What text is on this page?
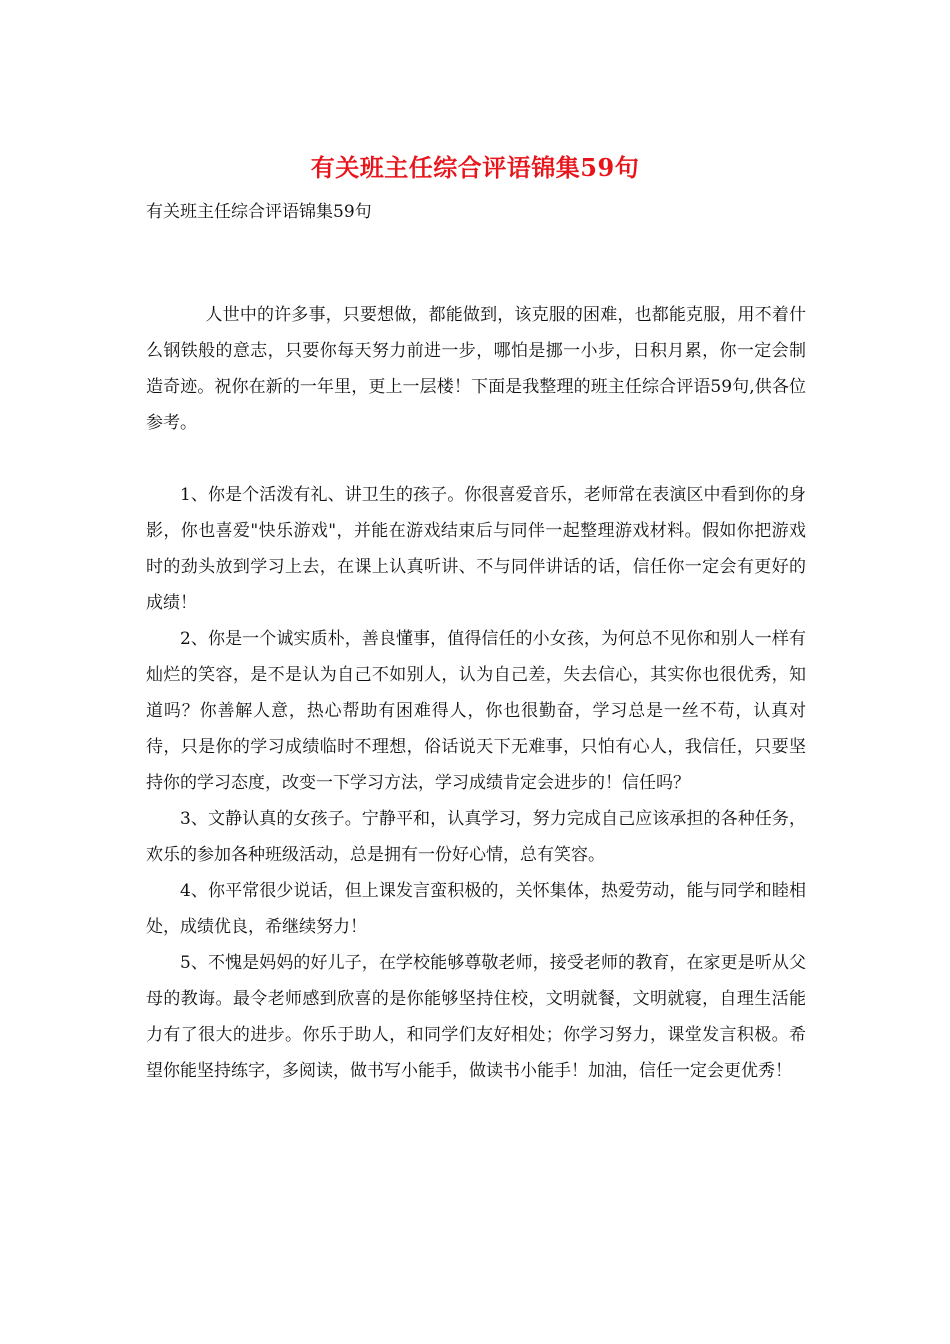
有关班主任综合评语锦集59句
有关班主任综合评语锦集59句

人世中的许多事，只要想做，都能做到，该克服的困难，也都能克服，用不着什么钢铁般的意志，只要你每天努力前进一步，哪怕是挪一小步，日积月累，你一定会制造奇迹。祝你在新的一年里，更上一层楼！下面是我整理的班主任综合评语59句,供各位参考。

1、你是个活泼有礼、讲卫生的孩子。你很喜爱音乐，老师常在表演区中看到你的身影，你也喜爱"快乐游戏"，并能在游戏结束后与同伴一起整理游戏材料。假如你把游戏时的劲头放到学习上去，在课上认真听讲、不与同伴讲话的话，信任你一定会有更好的成绩！

2、你是一个诚实质朴，善良懂事，值得信任的小女孩，为何总不见你和别人一样有灿烂的笑容，是不是认为自己不如别人，认为自己差，失去信心，其实你也很优秀，知道吗？你善解人意，热心帮助有困难得人，你也很勤奋，学习总是一丝不苟，认真对待，只是你的学习成绩临时不理想，俗话说天下无难事，只怕有心人，我信任，只要坚持你的学习态度，改变一下学习方法，学习成绩肯定会进步的！信任吗？

3、文静认真的女孩子。宁静平和，认真学习，努力完成自己应该承担的各种任务，欢乐的参加各种班级活动，总是拥有一份好心情，总有笑容。

4、你平常很少说话，但上课发言蛮积极的，关怀集体，热爱劳动，能与同学和睦相处，成绩优良，希继续努力！

5、不愧是妈妈的好儿子，在学校能够尊敬老师，接受老师的教育，在家更是听从父母的教诲。最令老师感到欣喜的是你能够坚持住校，文明就餐，文明就寝，自理生活能力有了很大的进步。你乐于助人，和同学们友好相处；你学习努力，课堂发言积极。希望你能坚持练字，多阅读，做书写小能手，做读书小能手！加油，信任一定会更优秀！
